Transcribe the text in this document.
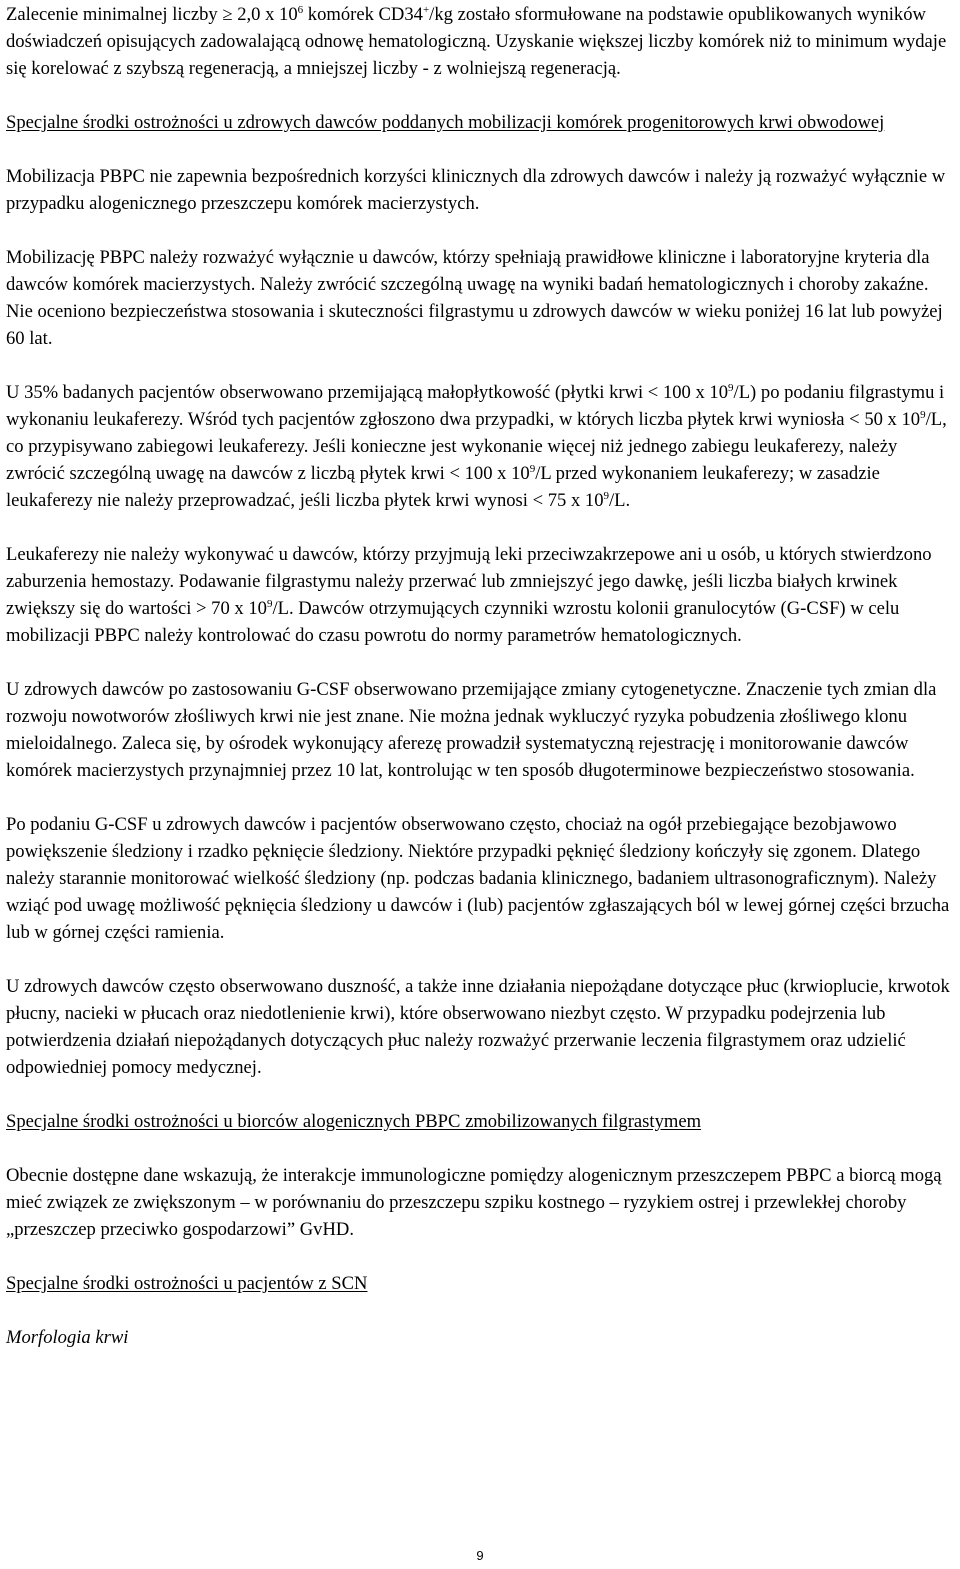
Zalecenie minimalnej liczby ≥ 2,0 x $10^6$ komórek CD34+/kg zostało sformułowane na podstawie opublikowanych wyników doświadczeń opisujących zadowalającą odnowę hematologiczną. Uzyskanie większej liczby komórek niż to minimum wydaje się korelować z szybszą regeneracją, a mniejszej liczby - z wolniejszą regeneracją.

Specjalne środki ostrożności u zdrowych dawców poddanych mobilizacji komórek progenitorowych krwi obwodowej

Mobilizacja PBPC nie zapewnia bezpośrednich korzyści klinicznych dla zdrowych dawców i należy ją rozważyć wyłącznie w przypadku alogenicznego przeszczepu komórek macierzystych.

Mobilizację PBPC należy rozważyć wyłącznie u dawców, którzy spełniają prawidłowe kliniczne i laboratoryjne kryteria dla dawców komórek macierzystych. Należy zwrócić szczególną uwagę na wyniki badań hematologicznych i choroby zakaźne. Nie oceniono bezpieczeństwa stosowania i skuteczności filgrastymu u zdrowych dawców w wieku poniżej 16 lat lub powyżej 60 lat.

U 35% badanych pacjentów obserwowano przemijającą małopłytkowość (płytki krwi < 100 x $10^9/L$) po podaniu filgrastymu i wykonaniu leukaferezy. Wśród tych pacjentów zgłoszono dwa przypadki, w których liczba płytek krwi wyniosła < 50 x $10^9/L$, co przypisywano zabiegowi leukaferezy. Jeśli konieczne jest wykonanie więcej niż jednego zabiegu leukaferezy, należy zwrócić szczególną uwagę na dawców z liczbą płytek krwi < 100 x $10^9/L$ przed wykonaniem leukaferezy; w zasadzie leukaferezy nie należy przeprowadzać, jeśli liczba płytek krwi wynosi < 75 x $10^9/L$.

Leukaferezy nie należy wykonywać u dawców, którzy przyjmują leki przeciwzakrzepowe ani u osób, u których stwierdzono zaburzenia hemostazy. Podawanie filgrastymu należy przerwać lub zmniejszyć jego dawkę, jeśli liczba białych krwinek zwiększy się do wartości > 70 x $10^9/L$. Dawców otrzymujących czynniki wzrostu kolonii granulocytów (G-CSF) w celu mobilizacji PBPC należy kontrolować do czasu powrotu do normy parametrów hematologicznych.

U zdrowych dawców po zastosowaniu G-CSF obserwowano przemijające zmiany cytogenetyczne. Znaczenie tych zmian dla rozwoju nowotworów złośliwych krwi nie jest znane. Nie można jednak wykluczyć ryzyka pobudzenia złośliwego klonu mieloidalnego. Zaleca się, by ośrodek wykonujący aferezę prowadził systematyczną rejestrację i monitorowanie dawców komórek macierzystych przynajmniej przez 10 lat, kontrolując w ten sposób długoterminowe bezpieczeństwo stosowania.

Po podaniu G-CSF u zdrowych dawców i pacjentów obserwowano często, chociaż na ogół przebiegające bezobjawowo powiększenie śledziony i rzadko pęknięcie śledziony. Niektóre przypadki pęknięć śledziony kończyły się zgonem. Dlatego należy starannie monitorować wielkość śledziony (np. podczas badania klinicznego, badaniem ultrasonograficznym). Należy wziąć pod uwagę możliwość pęknięcia śledziony u dawców i (lub) pacjentów zgłaszających ból w lewej górnej części brzucha lub w górnej części ramienia.

U zdrowych dawców często obserwowano duszność, a także inne działania niepożądane dotyczące płuc (krwioplucie, krwotok płucny, nacieki w płucach oraz niedotlenienie krwi), które obserwowano niezbyt często. W przypadku podejrzenia lub potwierdzenia działań niepożądanych dotyczących płuc należy rozważyć przerwanie leczenia filgrastymem oraz udzielić odpowiedniej pomocy medycznej.

Specjalne środki ostrożności u biorców alogenicznych PBPC zmobilizowanych filgrastymem

Obecnie dostępne dane wskazują, że interakcje immunologiczne pomiędzy alogenicznym przeszczepem PBPC a biorcą mogą mieć związek ze zwiększonym – w porównaniu do przeszczepu szpiku kostnego – ryzykiem ostrej i przewlekłej choroby „przeszczep przeciwko gospodarzowi” GvHD.

Specjalne środki ostrożności u pacjentów z SCN

Morfologia krwi

9
